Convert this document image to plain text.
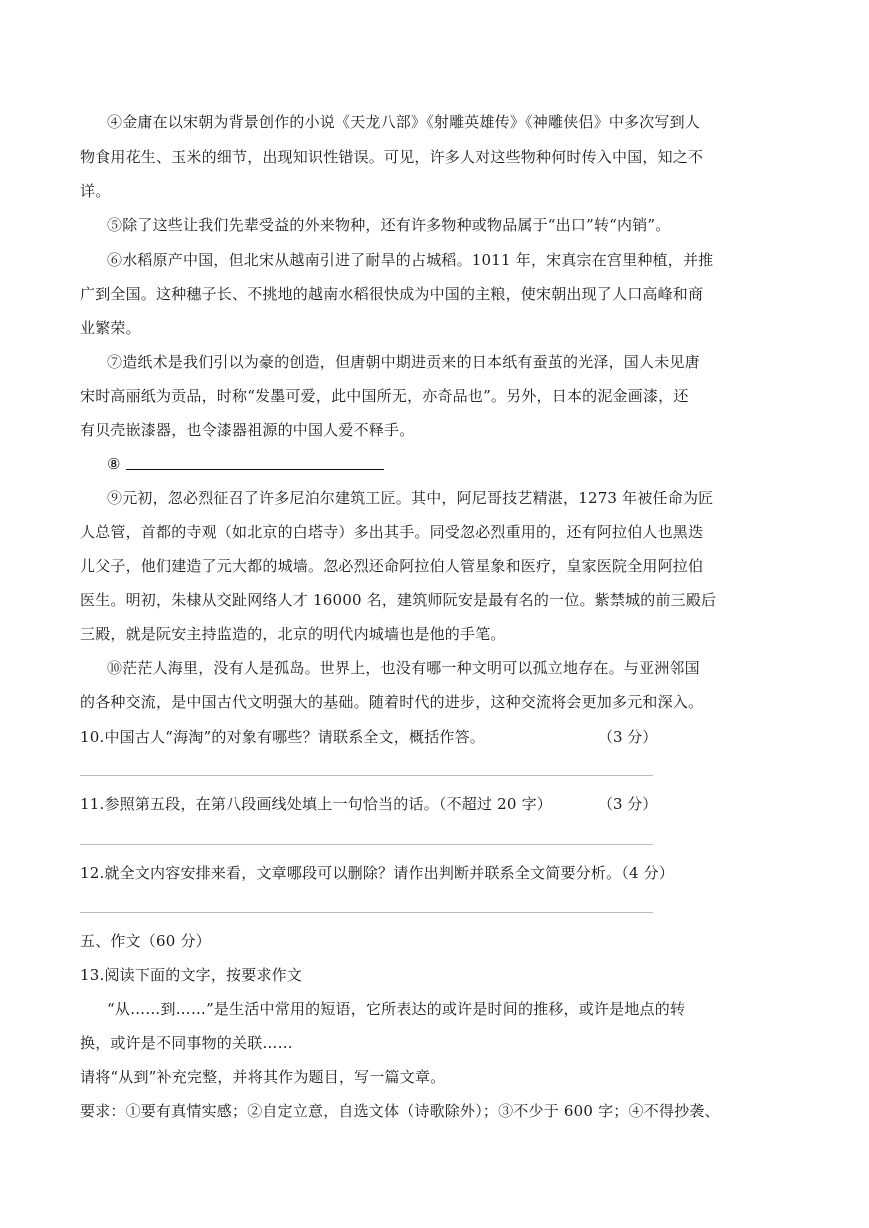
④金庸在以宋朝为背景创作的小说《天龙八部》《射雕英雄传》《神雕侠侣》中多次写到人
物食用花生、玉米的细节，出现知识性错误。可见，许多人对这些物种何时传入中国，知之不
详。
⑤除了这些让我们先辈受益的外来物种，还有许多物种或物品属于“出口”转“内销”。
⑥水稻原产中国，但北宋从越南引进了耐旱的占城稻。1011 年，宋真宗在宫里种植，并推
广到全国。这种穗子长、不挑地的越南水稻很快成为中国的主粮，使宋朝出现了人口高峰和商
业繁荣。
⑦造纸术是我们引以为豪的创造，但唐朝中期进贡来的日本纸有蚕茧的光泽，国人未见唐
宋时高丽纸为贡品，时称“发墨可爱，此中国所无，亦奇品也”。另外，日本的泥金画漆，还
有贝壳嵌漆器，也令漆器祖源的中国人爱不释手。
⑧
⑨元初，忽必烈征召了许多尼泊尔建筑工匠。其中，阿尼哥技艺精湛，1273 年被任命为匠
人总管，首都的寺观（如北京的白塔寺）多出其手。同受忽必烈重用的，还有阿拉伯人也黑迭
儿父子，他们建造了元大都的城墙。忽必烈还命阿拉伯人管星象和医疗，皇家医院全用阿拉伯
医生。明初，朱棣从交趾网络人才 16000 名，建筑师阮安是最有名的一位。紫禁城的前三殿后
三殿，就是阮安主持监造的，北京的明代内城墙也是他的手笔。
⑩茫茫人海里，没有人是孤岛。世界上，也没有哪一种文明可以孤立地存在。与亚洲邻国
的各种交流，是中国古代文明强大的基础。随着时代的进步，这种交流将会更加多元和深入。
10.中国古人“海淘”的对象有哪些？请联系全文，概括作答。	（3 分）
11.参照第五段，在第八段画线处填上一句恰当的话。（不超过 20 字）	（3 分）
12.就全文内容安排来看，文章哪段可以删除？请作出判断并联系全文简要分析。（4 分）
五、作文（60 分）
13.阅读下面的文字，按要求作文
“从……到……”是生活中常用的短语，它所表达的或许是时间的推移，或许是地点的转
换，或许是不同事物的关联……
请将“从到”补充完整，并将其作为题目，写一篇文章。
要求：①要有真情实感；②自定立意，自选文体（诗歌除外）；③不少于 600 字；④不得抄袭、
